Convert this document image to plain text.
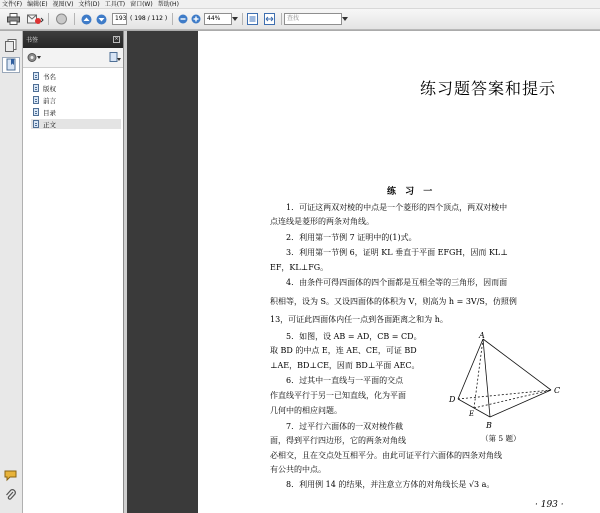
文件(F) 编辑(E) 视图(V) 文档(D) 工具(T) 窗口(W) 帮助(H)
193 ( 198 / 112 )	44%	查找
书签	×
书名
版权
前言
目录
正文
练习题答案和提示
练 习 一
1．可证这两双对棱的中点是一个菱形的四个顶点，两双对棱中
点连线是菱形的两条对角线。
2．利用第一节例 7 证明中的(1)式。
3．利用第一节例 6，证明 KL 垂直于平面 EFGH，因而 KL⊥
EF，KL⊥FG。
4．由条件可得四面体的四个面都是互相全等的三角形，因而面
积相等，设为 S。又设四面体的体积为 V，则高为 h = 3V/S，仿照例
13，可证此四面体内任一点到各面距离之和为 h。
5．如图，设 AB = AD，CB = CD。
取 BD 的中点 E，连 AE、CE，可证 BD
⊥AE，BD⊥CE，因而 BD⊥平面 AEC。
6．过其中一直线与一平面的交点
作直线平行于另一已知直线，化为平面
几何中的相应问题。
7．过平行六面体的一双对棱作截
面，得到平行四边形，它的两条对角线
必相交，且在交点处互相平分。由此可证平行六面体的四条对角线
有公共的中点。
8．利用例 14 的结果，并注意立方体的对角线长是 √3 a。
A
B
C
D
E
（第 5 题）
· 193 ·
